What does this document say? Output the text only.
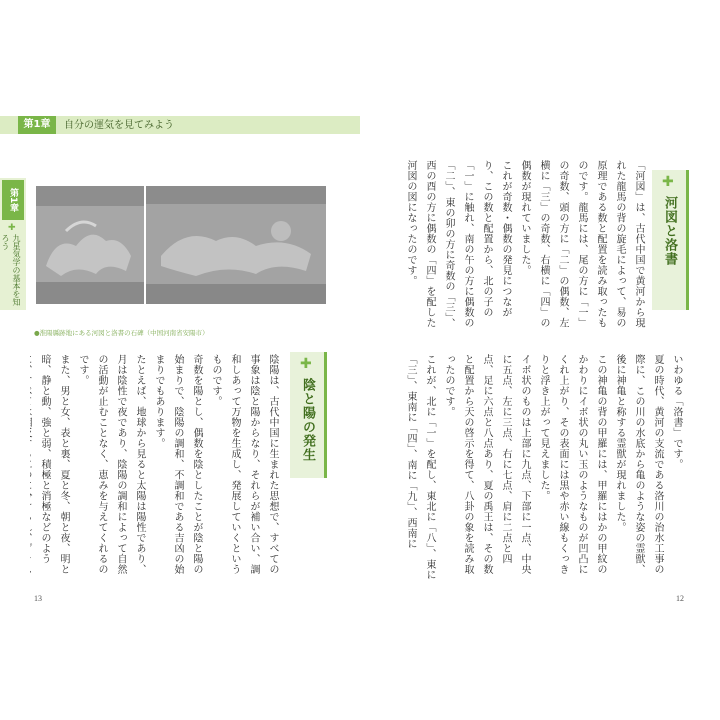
第1章	自分の運気を見てみよう
第1章
✚
九星気学の基本を知ろう
●淮陽縣跡地にある河図と洛書の石碑（中国河南省安陽市）
✚
河図と洛書
「河図」は、古代中国で黄河から現れた龍馬の背の旋毛によって、易の原理である数と配置を読み取ったものです。龍馬には、尾の方に「一」の奇数、頭の方に「二」の偶数、左横に「三」の奇数、右横に「四」の偶数が現れていました。
これが奇数・偶数の発見につながり、この数と配置から、北の子の「一」に触れ、南の午の方に偶数の「二」、東の卯の方に奇数の「三」、西の酉の方に偶数の「四」を配した河図の図になったのです。

いわゆる「洛書」です。
夏の時代、黄河の支流である洛川の治水工事の際に、この川の水底から亀のような姿の霊獣、後に神亀と称する霊獣が現れました。
この神亀の背の甲羅には、甲羅にはかの甲紋のかわりにイボ状の丸い玉のようなものが凹凸にくれ上がり、その表面には黒や赤い線もくっきりと浮き上がって見えました。
イボ状のものは上部に九点、下部に一点、中央に五点、左に三点、右に七点、肩に二点と四点、足に六点と八点あり、夏の禹王は、その数と配置から天の啓示を得て、八卦の象を読み取ったのです。
これが、北に「一」を配し、東北に「八」、東に「三」、東南に「四」、南に「九」、西南に

✚
陰と陽の発生
陰陽は、古代中国に生まれた思想で、すべての事象は陰と陽からなり、それらが補い合い、調和しあって万物を生成し、発展していくというものです。
奇数を陽とし、偶数を陰としたことが陰と陽の始まりで、陰陽の調和、不調和である吉凶の始まりでもあります。
たとえば、地球から見ると太陽は陽性であり、月は陰性で夜であり、陰陽の調和によって自然の活動が止むことなく、恵みを与えてくれるのです。
また、男と女、表と裏、夏と冬、朝と夜、明と暗、静と動、強と弱、積極と消極などのよう

13	12
